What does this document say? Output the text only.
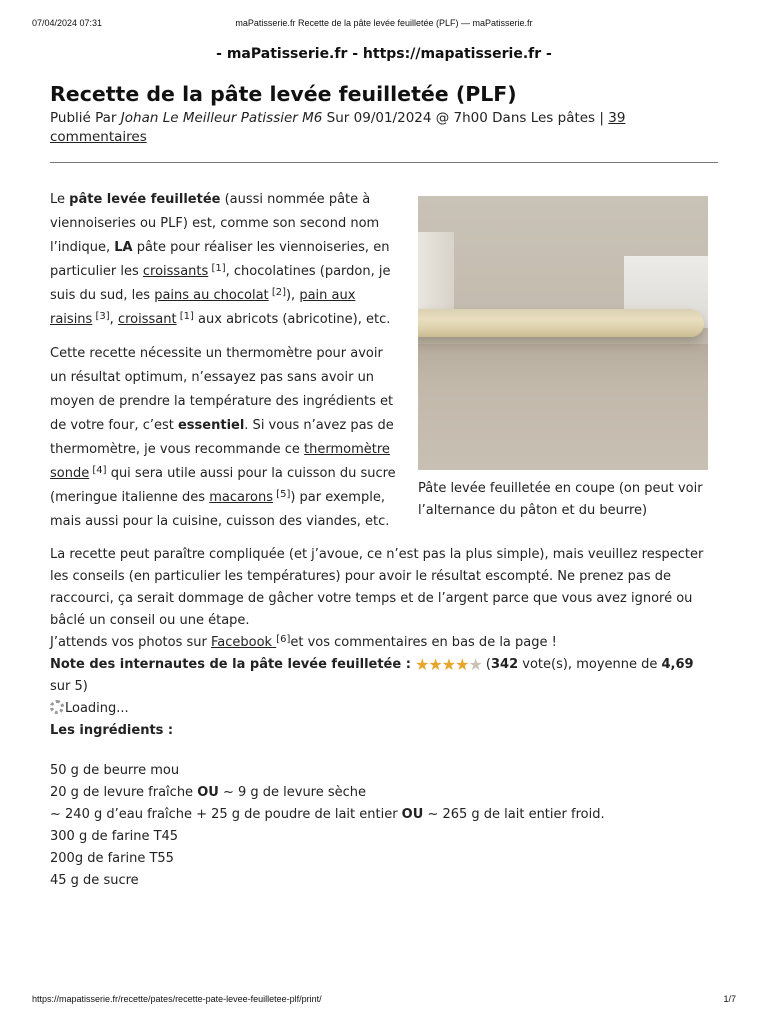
07/04/2024 07:31	maPatisserie.fr Recette de la pâte levée feuilletée (PLF) — maPatisserie.fr
- maPatisserie.fr - https://mapatisserie.fr -
Recette de la pâte levée feuilletée (PLF)
Publié Par Johan Le Meilleur Patissier M6 Sur 09/01/2024 @ 7h00 Dans Les pâtes | 39 commentaires

Le pâte levée feuilletée (aussi nommée pâte à viennoiseries ou PLF) est, comme son second nom l’indique, LA pâte pour réaliser les viennoiseries, en particulier les croissants [1], chocolatines (pardon, je suis du sud, les pains au chocolat [2]), pain aux raisins [3], croissant [1] aux abricots (abricotine), etc.

Cette recette nécessite un thermomètre pour avoir un résultat optimum, n’essayez pas sans avoir un moyen de prendre la température des ingrédients et de votre four, c’est essentiel. Si vous n’avez pas de thermomètre, je vous recommande ce thermomètre sonde [4] qui sera utile aussi pour la cuisson du sucre (meringue italienne des macarons [5]) par exemple, mais aussi pour la cuisine, cuisson des viandes, etc.

Pâte levée feuilletée en coupe (on peut voir l’alternance du pâton et du beurre)

La recette peut paraître compliquée (et j’avoue, ce n’est pas la plus simple), mais veuillez respecter les conseils (en particulier les températures) pour avoir le résultat escompté. Ne prenez pas de raccourci, ça serait dommage de gâcher votre temps et de l’argent parce que vous avez ignoré ou bâclé un conseil ou une étape.

J’attends vos photos sur Facebook [6]et vos commentaires en bas de la page !

Note des internautes de la pâte levée feuilletée : ★★★★★ (342 vote(s), moyenne de 4,69 sur 5)

Loading...

Les ingrédients :

50 g de beurre mou
20 g de levure fraîche OU ~ 9 g de levure sèche
~ 240 g d’eau fraîche + 25 g de poudre de lait entier OU ~ 265 g de lait entier froid.
300 g de farine T45
200g de farine T55
45 g de sucre
https://mapatisserie.fr/recette/pates/recette-pate-levee-feuilletee-plf/print/	1/7
